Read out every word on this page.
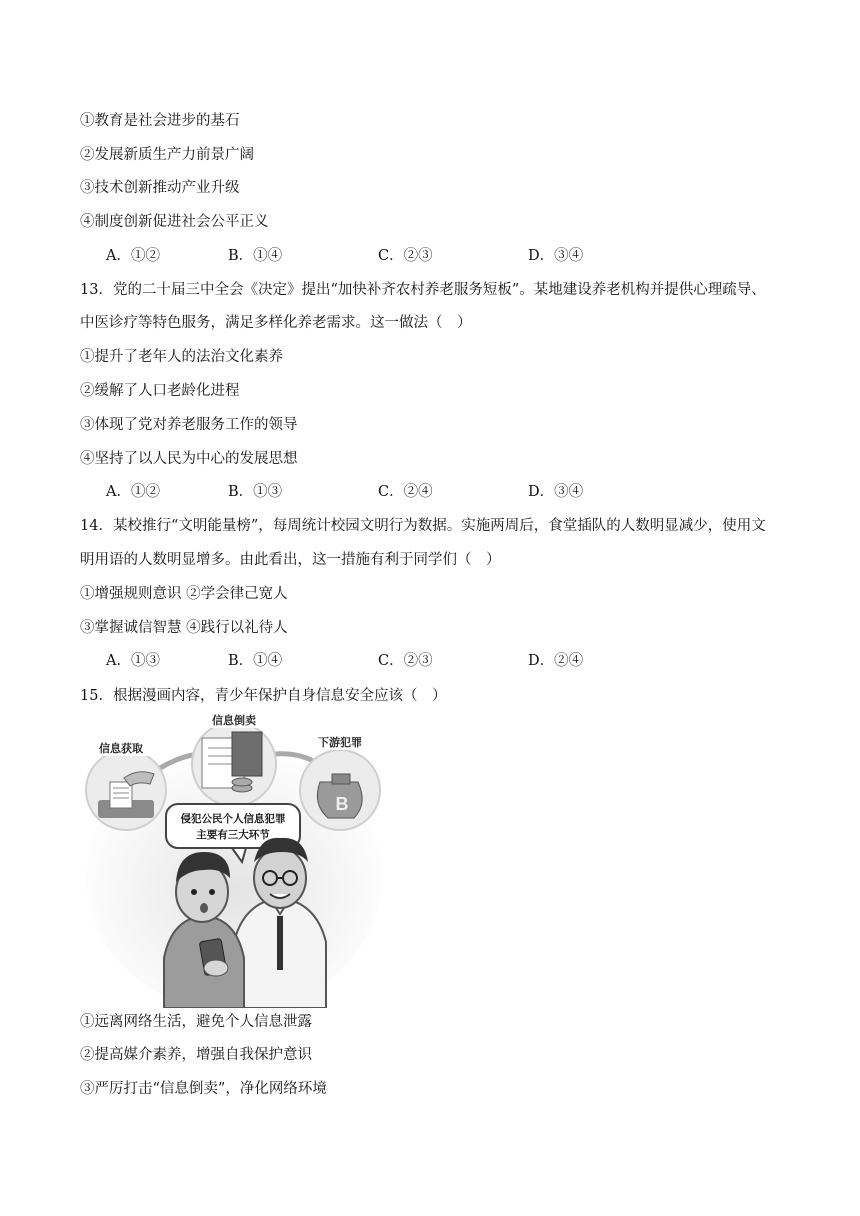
①教育是社会进步的基石
②发展新质生产力前景广阔
③技术创新推动产业升级
④制度创新促进社会公平正义
A．①②	B．①④	C．②③	D．③④
13．党的二十届三中全会《决定》提出“加快补齐农村养老服务短板”。某地建设养老机构并提供心理疏导、
中医诊疗等特色服务，满足多样化养老需求。这一做法（　）
①提升了老年人的法治文化素养
②缓解了人口老龄化进程
③体现了党对养老服务工作的领导
④坚持了以人民为中心的发展思想
A．①②	B．①③	C．②④	D．③④
14．某校推行“文明能量榜”，每周统计校园文明行为数据。实施两周后，食堂插队的人数明显减少，使用文
明用语的人数明显增多。由此看出，这一措施有利于同学们（　）
①增强规则意识 ②学会律己宽人
③掌握诚信智慧 ④践行以礼待人
A．①③	B．①④	C．②③	D．②④
15．根据漫画内容，青少年保护自身信息安全应该（　）
信息获取
信息倒卖
B
下游犯罪
侵犯公民个人信息犯罪
主要有三大环节
①远离网络生活，避免个人信息泄露
②提高媒介素养，增强自我保护意识
③严厉打击“信息倒卖”，净化网络环境
